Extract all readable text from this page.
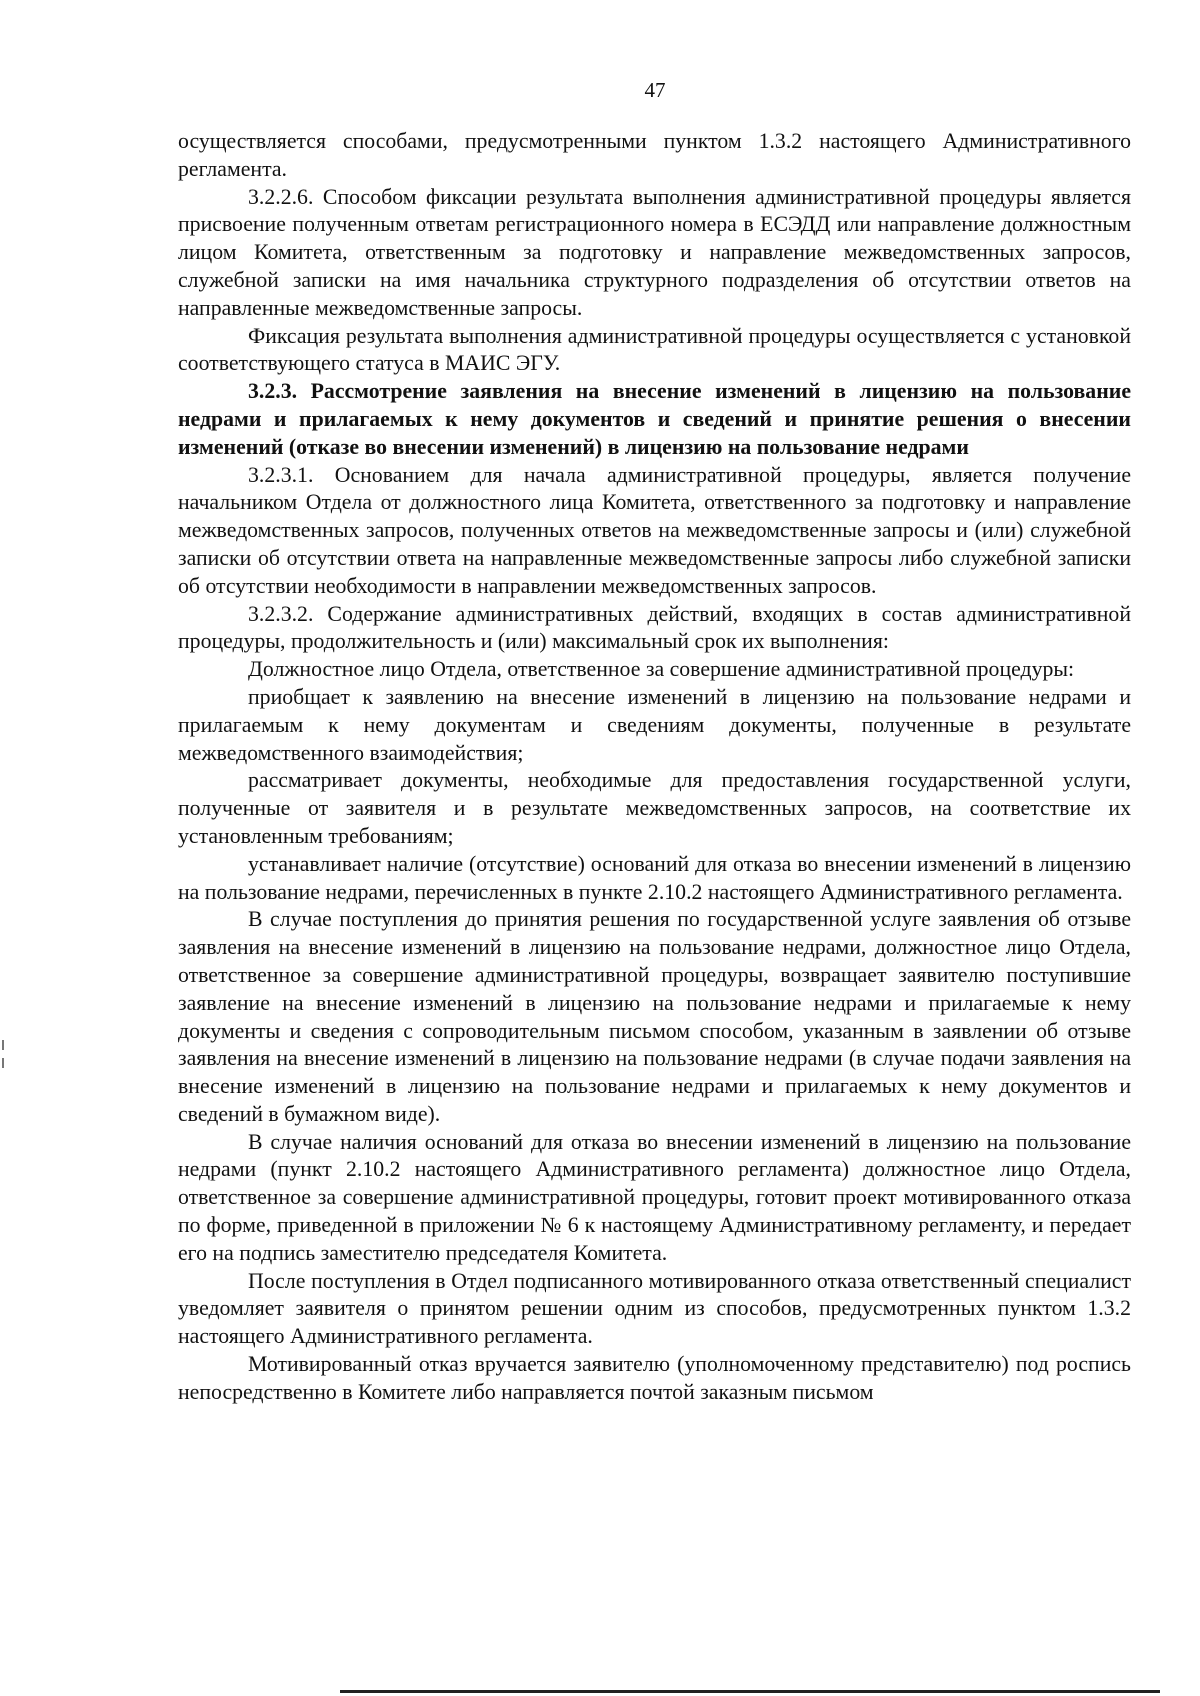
47

осуществляется способами, предусмотренными пунктом 1.3.2 настоящего Административного регламента.

3.2.2.6. Способом фиксации результата выполнения административной процедуры является присвоение полученным ответам регистрационного номера в ЕСЭДД или направление должностным лицом Комитета, ответственным за подготовку и направление межведомственных запросов, служебной записки на имя начальника структурного подразделения об отсутствии ответов на направленные межведомственные запросы.

Фиксация результата выполнения административной процедуры осуществляется с установкой соответствующего статуса в МАИС ЭГУ.

3.2.3. Рассмотрение заявления на внесение изменений в лицензию на пользование недрами и прилагаемых к нему документов и сведений и принятие решения о внесении изменений (отказе во внесении изменений) в лицензию на пользование недрами

3.2.3.1. Основанием для начала административной процедуры, является получение начальником Отдела от должностного лица Комитета, ответственного за подготовку и направление межведомственных запросов, полученных ответов на межведомственные запросы и (или) служебной записки об отсутствии ответа на направленные межведомственные запросы либо служебной записки об отсутствии необходимости в направлении межведомственных запросов.

3.2.3.2. Содержание административных действий, входящих в состав административной процедуры, продолжительность и (или) максимальный срок их выполнения:

Должностное лицо Отдела, ответственное за совершение административной процедуры:

приобщает к заявлению на внесение изменений в лицензию на пользование недрами и прилагаемым к нему документам и сведениям документы, полученные в результате межведомственного взаимодействия;

рассматривает документы, необходимые для предоставления государственной услуги, полученные от заявителя и в результате межведомственных запросов, на соответствие их установленным требованиям;

устанавливает наличие (отсутствие) оснований для отказа во внесении изменений в лицензию на пользование недрами, перечисленных в пункте 2.10.2 настоящего Административного регламента.

В случае поступления до принятия решения по государственной услуге заявления об отзыве заявления на внесение изменений в лицензию на пользование недрами, должностное лицо Отдела, ответственное за совершение административной процедуры, возвращает заявителю поступившие заявление на внесение изменений в лицензию на пользование недрами и прилагаемые к нему документы и сведения с сопроводительным письмом способом, указанным в заявлении об отзыве заявления на внесение изменений в лицензию на пользование недрами (в случае подачи заявления на внесение изменений в лицензию на пользование недрами и прилагаемых к нему документов и сведений в бумажном виде).

В случае наличия оснований для отказа во внесении изменений в лицензию на пользование недрами (пункт 2.10.2 настоящего Административного регламента) должностное лицо Отдела, ответственное за совершение административной процедуры, готовит проект мотивированного отказа по форме, приведенной в приложении № 6 к настоящему Административному регламенту, и передает его на подпись заместителю председателя Комитета.

После поступления в Отдел подписанного мотивированного отказа ответственный специалист уведомляет заявителя о принятом решении одним из способов, предусмотренных пунктом 1.3.2 настоящего Административного регламента.

Мотивированный отказ вручается заявителю (уполномоченному представителю) под роспись непосредственно в Комитете либо направляется почтой заказным письмом
